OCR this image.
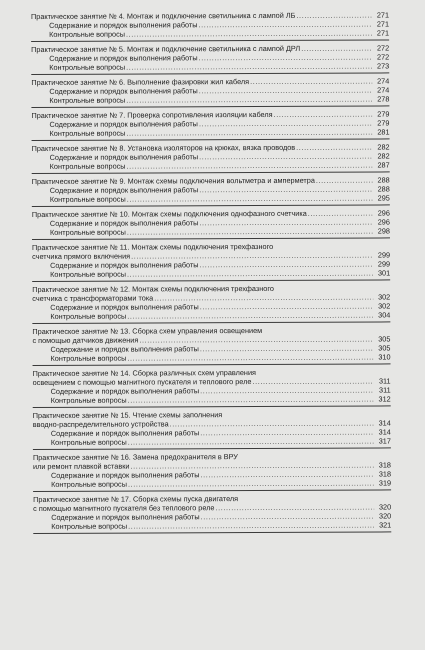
Практическое занятие № 4. Монтаж и подключение светильника с лампой ЛБ .....	271
Содержание и порядок выполнения работы .....	271
Контрольные вопросы .....	271
Практическое занятие № 5. Монтаж и подключение светильника с лампой ДРЛ .....	272
Содержание и порядок выполнения работы .....	272
Контрольные вопросы .....	273
Практическое занятие № 6. Выполнение фазировки жил кабеля .....	274
Содержание и порядок выполнения работы .....	274
Контрольные вопросы .....	278
Практическое занятие № 7. Проверка сопротивления изоляции кабеля .....	279
Содержание и порядок выполнения работы .....	279
Контрольные вопросы .....	281
Практическое занятие № 8. Установка изоляторов на крюках, вязка проводов .....	282
Содержание и порядок выполнения работы .....	282
Контрольные вопросы .....	287
Практическое занятие № 9. Монтаж схемы подключения вольтметра и амперметра .....	288
Содержание и порядок выполнения работы .....	288
Контрольные вопросы .....	295
Практическое занятие № 10. Монтаж схемы подключения однофазного счетчика .....	296
Содержание и порядок выполнения работы .....	296
Контрольные вопросы .....	298
Практическое занятие № 11. Монтаж схемы подключения трехфазного
счетчика прямого включения .....	299
Содержание и порядок выполнения работы .....	299
Контрольные вопросы .....	301
Практическое занятие № 12. Монтаж схемы подключения трехфазного
счетчика с трансформаторами тока .....	302
Содержание и порядок выполнения работы .....	302
Контрольные вопросы .....	304
Практическое занятие № 13. Сборка схем управления освещением
с помощью датчиков движения .....	305
Содержание и порядок выполнения работы .....	305
Контрольные вопросы .....	310
Практическое занятие № 14. Сборка различных схем управления
освещением с помощью магнитного пускателя и теплового реле .....	311
Содержание и порядок выполнения работы .....	311
Контрольные вопросы .....	312
Практическое занятие № 15. Чтение схемы заполнения
вводно-распределительного устройства .....	314
Содержание и порядок выполнения работы .....	314
Контрольные вопросы .....	317
Практическое занятие № 16. Замена предохранителя в ВРУ
или ремонт плавкой вставки .....	318
Содержание и порядок выполнения работы .....	318
Контрольные вопросы .....	319
Практическое занятие № 17. Сборка схемы пуска двигателя
с помощью магнитного пускателя без теплового реле .....	320
Содержание и порядок выполнения работы .....	320
Контрольные вопросы .....	321
